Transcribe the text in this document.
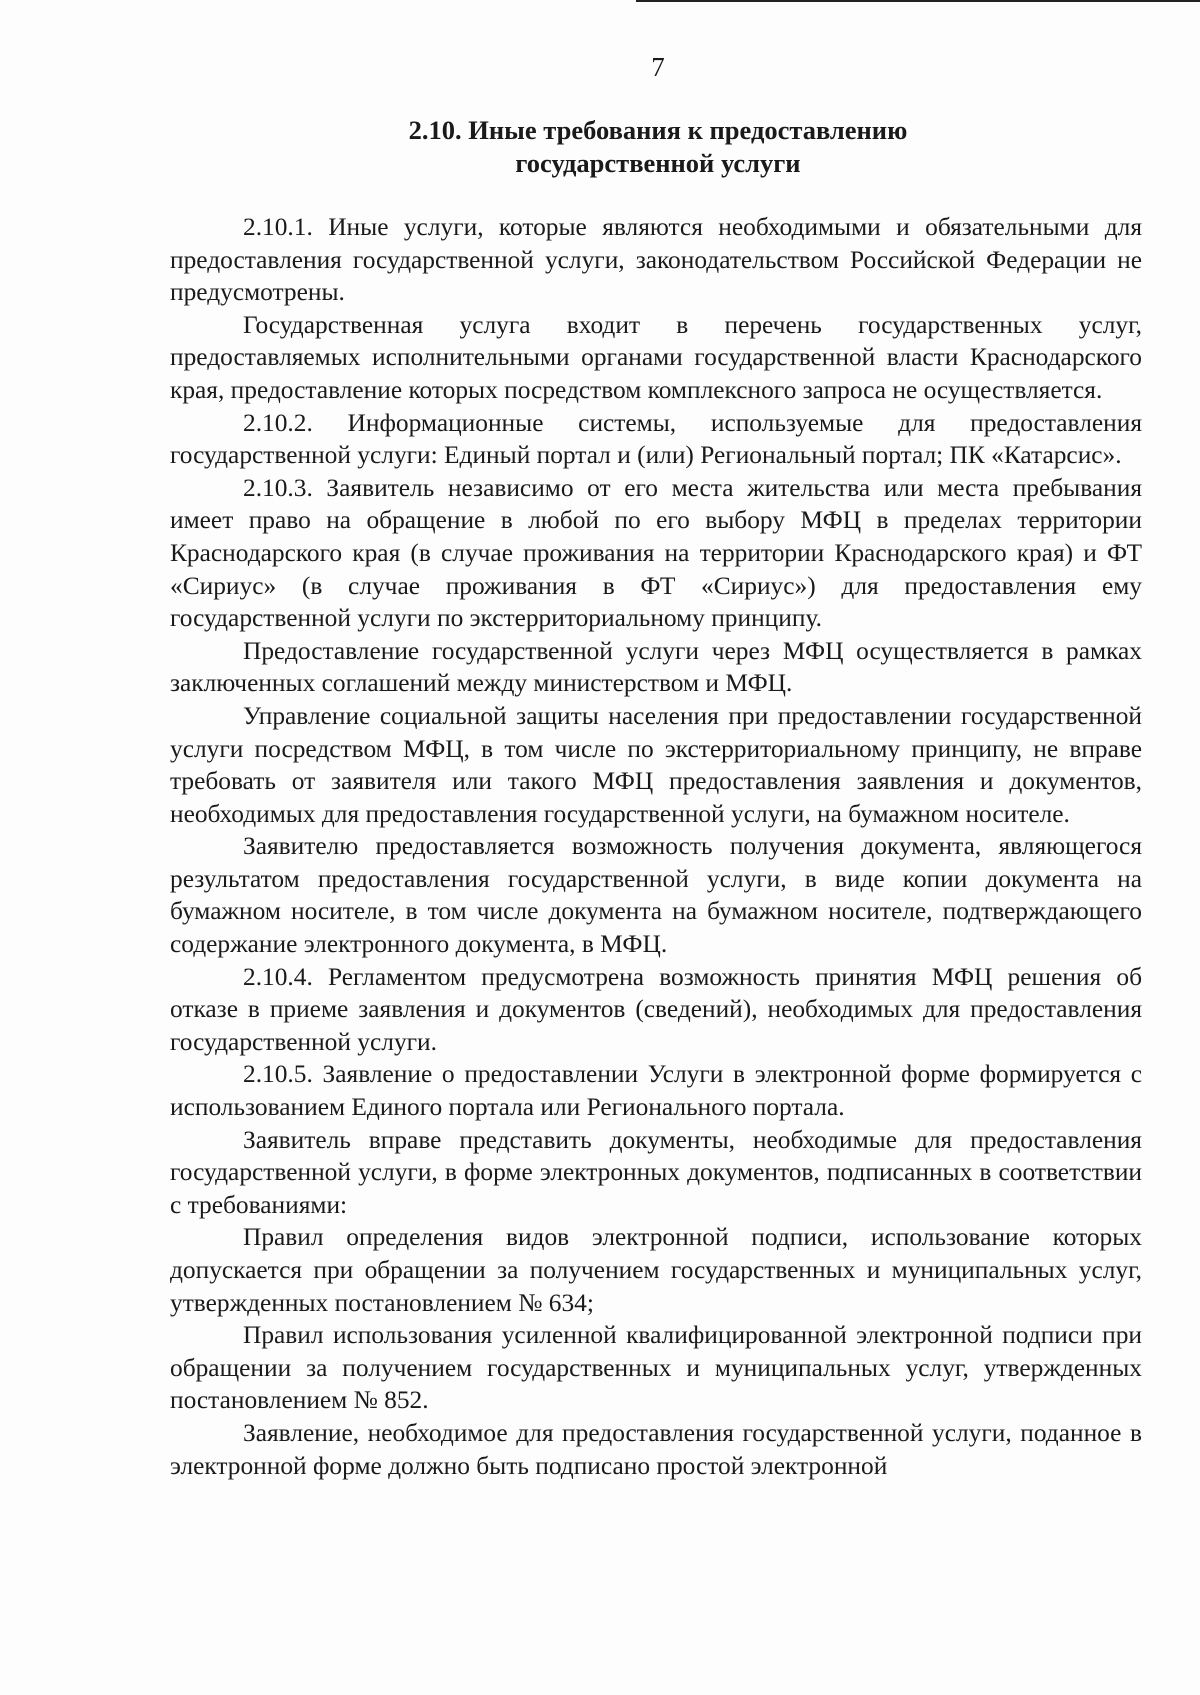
7
2.10. Иные требования к предоставлению
государственной услуги

2.10.1. Иные услуги, которые являются необходимыми и обязательными для предоставления государственной услуги, законодательством Российской Федерации не предусмотрены.

Государственная услуга входит в перечень государственных услуг, предоставляемых исполнительными органами государственной власти Краснодарского края, предоставление которых посредством комплексного запроса не осуществляется.

2.10.2. Информационные системы, используемые для предоставления государственной услуги: Единый портал и (или) Региональный портал; ПК «Катарсис».

2.10.3. Заявитель независимо от его места жительства или места пребывания имеет право на обращение в любой по его выбору МФЦ в пределах территории Краснодарского края (в случае проживания на территории Краснодарского края) и ФТ «Сириус» (в случае проживания в ФТ «Сириус») для предоставления ему государственной услуги по экстерриториальному принципу.

Предоставление государственной услуги через МФЦ осуществляется в рамках заключенных соглашений между министерством и МФЦ.

Управление социальной защиты населения при предоставлении государственной услуги посредством МФЦ, в том числе по экстерриториальному принципу, не вправе требовать от заявителя или такого МФЦ предоставления заявления и документов, необходимых для предоставления государственной услуги, на бумажном носителе.

Заявителю предоставляется возможность получения документа, являющегося результатом предоставления государственной услуги, в виде копии документа на бумажном носителе, в том числе документа на бумажном носителе, подтверждающего содержание электронного документа, в МФЦ.

2.10.4. Регламентом предусмотрена возможность принятия МФЦ решения об отказе в приеме заявления и документов (сведений), необходимых для предоставления государственной услуги.

2.10.5. Заявление о предоставлении Услуги в электронной форме формируется с использованием Единого портала или Регионального портала.

Заявитель вправе представить документы, необходимые для предоставления государственной услуги, в форме электронных документов, подписанных в соответствии с требованиями:

Правил определения видов электронной подписи, использование которых допускается при обращении за получением государственных и муниципальных услуг, утвержденных постановлением № 634;

Правил использования усиленной квалифицированной электронной подписи при обращении за получением государственных и муниципальных услуг, утвержденных постановлением № 852.

Заявление, необходимое для предоставления государственной услуги, поданное в электронной форме должно быть подписано простой электронной
